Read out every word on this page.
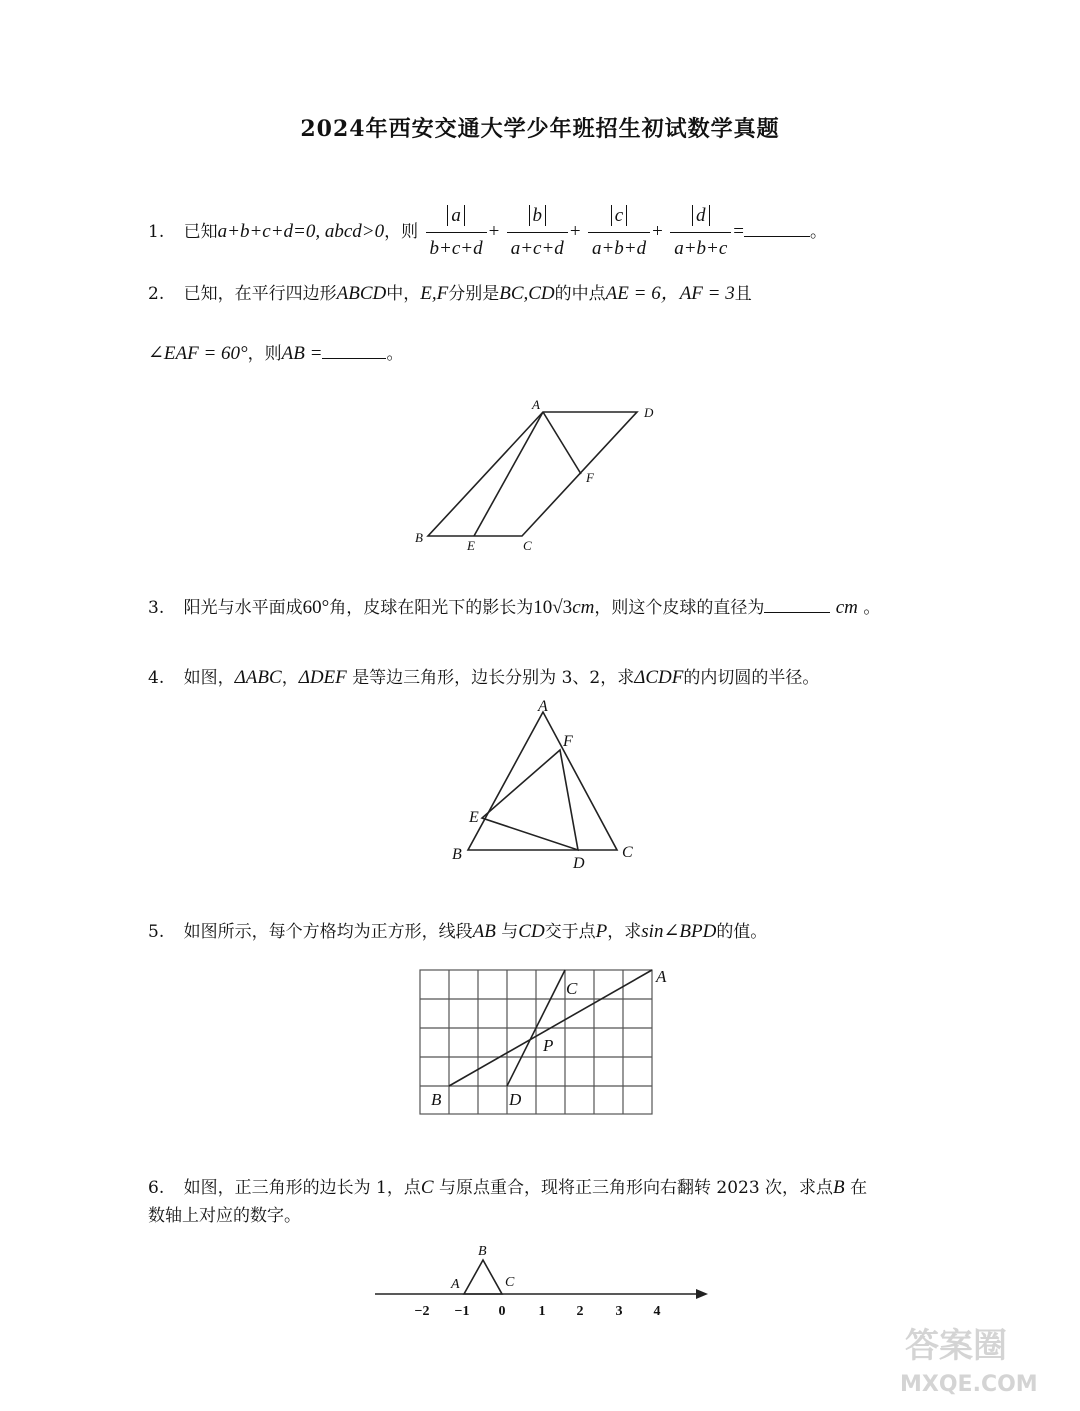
2024年西安交通大学少年班招生初试数学真题
1. 已知a+b+c+d=0, abcd>0，则 $\frac{a}{b+c+d} + \frac{b}{a+c+d} + \frac{c}{a+b+d} + \frac{d}{a+b+c}$ =	。
2. 已知，在平行四边形ABCD中，E,F分别是BC,CD的中点AE = 6，AF = 3且
∠EAF = 60°，则AB =	。
A
D
F
B
E	C
3. 阳光与水平面成60°角，皮球在阳光下的影长为10√3cm，则这个皮球的直径为	cm 。
4. 如图，ΔABC，ΔDEF 是等边三角形，边长分别为 3、2，求ΔCDF的内切圆的半径。
A
F
E
B
D
C
5. 如图所示，每个方格均为正方形，线段AB 与CD交于点P，求sin∠BPD的值。
A
C
P
B	D
6. 如图，正三角形的边长为 1，点C 与原点重合，现将正三角形向右翻转 2023 次，求点B 在
数轴上对应的数字。
−2 −1 0 1 2 3 4
B
A	C
答案圈
MXQE.COM
